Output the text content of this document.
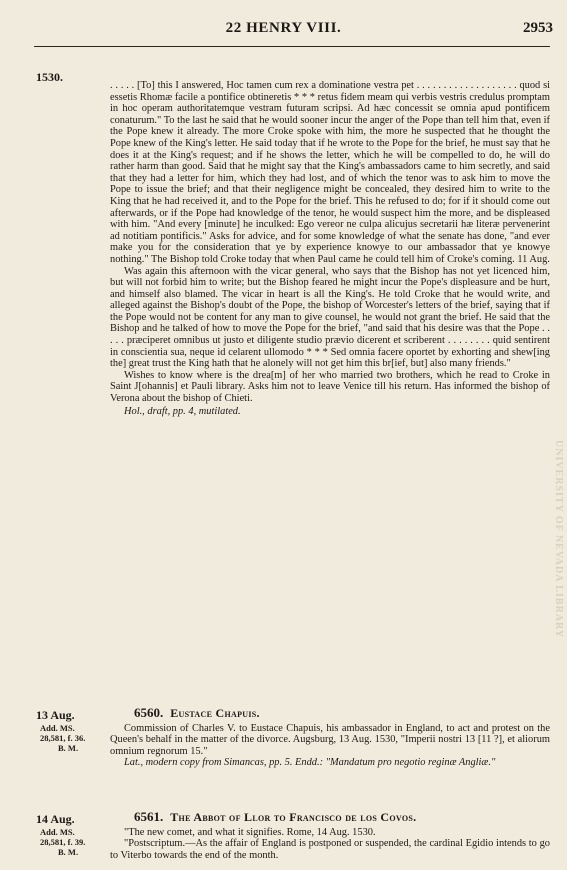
22 HENRY VIII.	2953
1530.

. . . . . [To] this I answered, Hoc tamen cum rex a dominatione vestra pet . . . . . . . . . . . . . . . . . . . quod si essetis Rhomæ facile a pontifice obtineretis * * * retus fidem meam qui verbis vestris credulus promptam in hoc operam authoritatemque vestram futuram scripsi. Ad hæc concessit se omnia apud pontificem conaturum." To the last he said that he would sooner incur the anger of the Pope than tell him that, even if the Pope knew it already. The more Croke spoke with him, the more he suspected that he thought the Pope knew of the King's letter. He said today that if he wrote to the Pope for the brief, he must say that he does it at the King's request; and if he shows the letter, which he will be compelled to do, he will do rather harm than good. Said that he might say that the King's ambassadors came to him secretly, and said that they had a letter for him, which they had lost, and of which the tenor was to ask him to move the Pope to issue the brief; and that their negligence might be concealed, they desired him to write to the King that he had received it, and to the Pope for the brief. This he refused to do; for if it should come out afterwards, or if the Pope had knowledge of the tenor, he would suspect him the more, and be displeased with him. "And every [minute] he inculked: Ego vereor ne culpa alicujus secretarii hæ literæ pervenerint ad notitiam pontificis." Asks for advice, and for some knowledge of what the senate has done, "and ever make you for the consideration that ye by experience knowye to our ambassador that ye knowye nothing." The Bishop told Croke today that when Paul came he could tell him of Croke's coming. 11 Aug.

Was again this afternoon with the vicar general, who says that the Bishop has not yet licenced him, but will not forbid him to write; but the Bishop feared he might incur the Pope's displeasure and be hurt, and himself also blamed. The vicar in heart is all the King's. He told Croke that he would write, and alleged against the Bishop's doubt of the Pope, the bishop of Worcester's letters of the brief, saying that if the Pope would not be content for any man to give counsel, he would not grant the brief. He said that the Bishop and he talked of how to move the Pope for the brief, "and said that his desire was that the Pope . . . . . præciperet omnibus ut justo et diligente studio prævio dicerent et scriberent . . . . . . . . quid sentirent in conscientia sua, neque id celarent ullomodo * * * Sed omnia facere oportet by exhorting and shew[ing the] great trust the King hath that he alonely will not get him this br[ief, but] also many friends."

Wishes to know where is the drea[m] of her who married two brothers, which he read to Croke in Saint J[ohannis] et Pauli library. Asks him not to leave Venice till his return. Has informed the bishop of Verona about the bishop of Chieti.

Hol., draft, pp. 4, mutilated.

13 Aug.
Add. MS.
28,581, f. 36.
B. M.
6560. Eustace Chapuis.

Commission of Charles V. to Eustace Chapuis, his ambassador in England, to act and protest on the Queen's behalf in the matter of the divorce. Augsburg, 13 Aug. 1530, "Imperii nostri 13 [11 ?], et aliorum omnium regnorum 15."

Lat., modern copy from Simancas, pp. 5. Endd.: "Mandatum pro negotio reginæ Angliæ."

14 Aug.
Add. MS.
28,581, f. 39.
B. M.
6561. The Abbot of Llor to Francisco de los Covos.

"The new comet, and what it signifies. Rome, 14 Aug. 1530.

"Postscriptum.—As the affair of England is postponed or suspended, the cardinal Egidio intends to go to Viterbo towards the end of the month.

UNIVERSITY OF NEVADA LIBRARY
